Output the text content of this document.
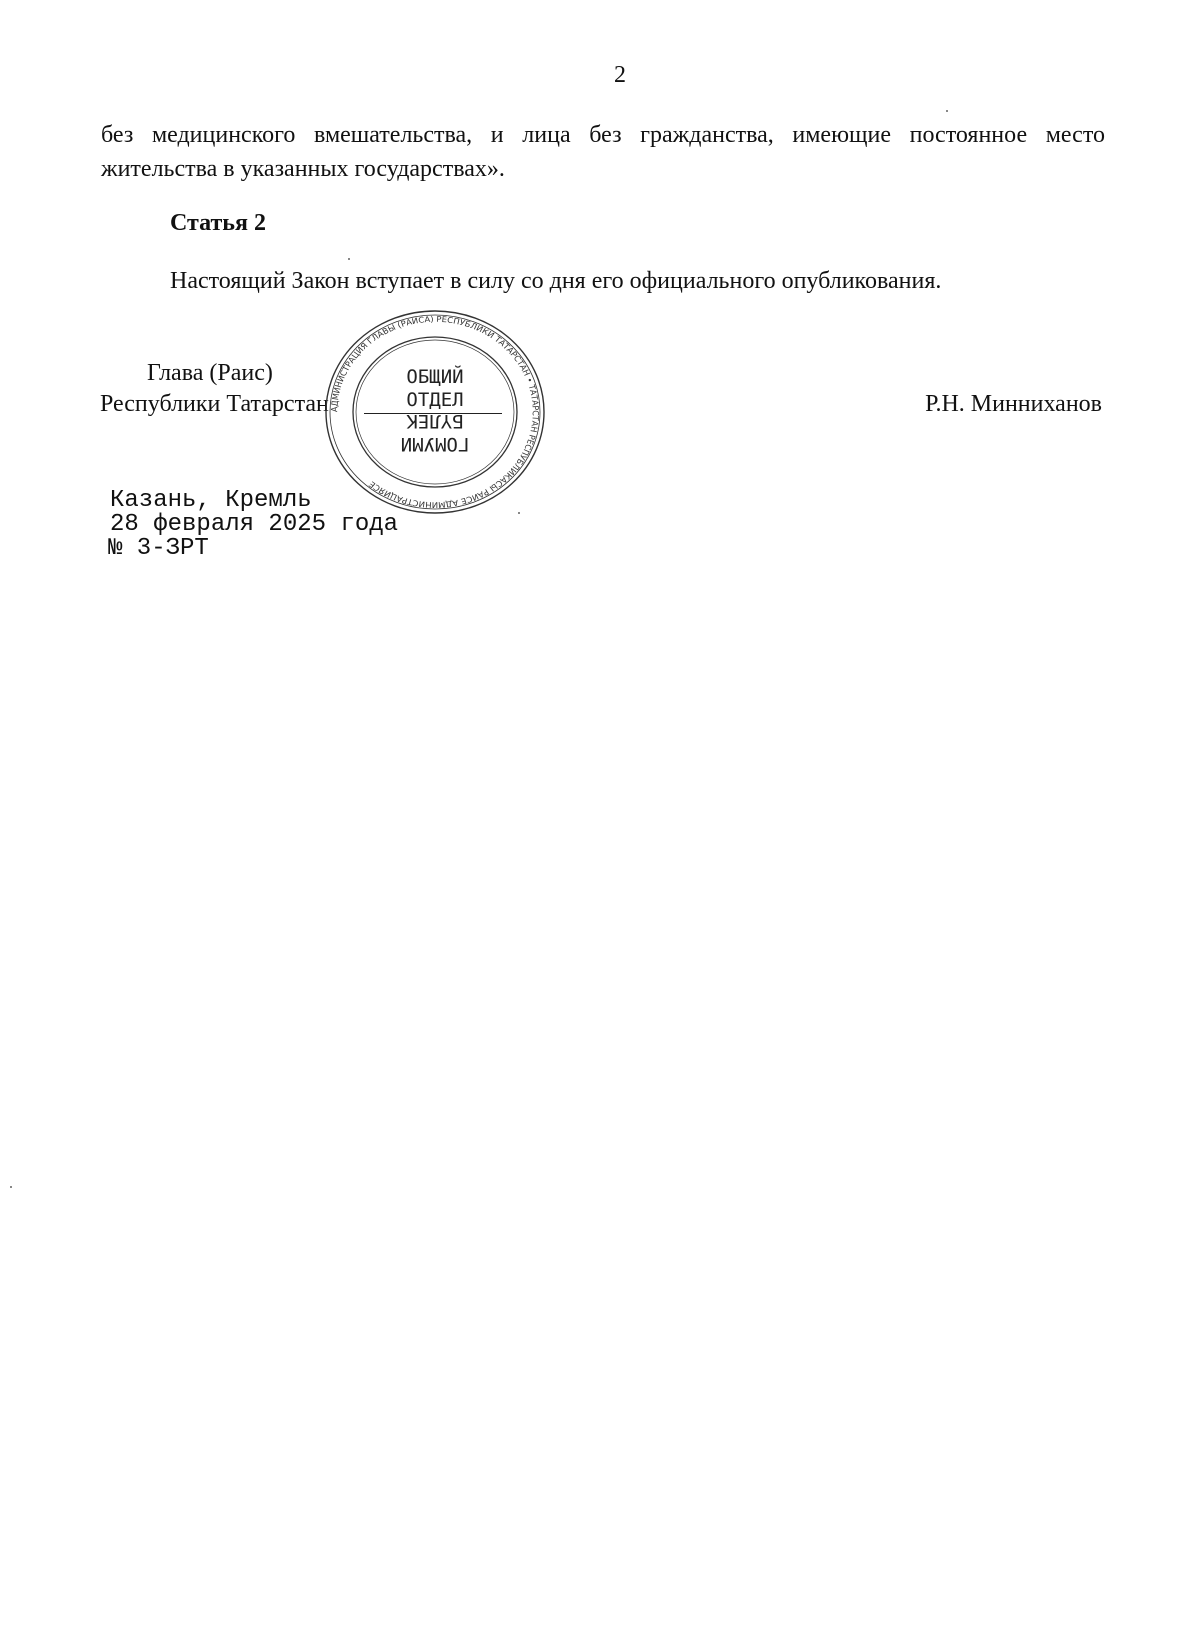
2
без медицинского вмешательства, и лица без гражданства, имеющие постоянное место жительства в указанных государствах».
Статья 2
Настоящий Закон вступает в силу со дня его официального опубликования.
Глава (Раис)
Республики Татарстан	Р.Н. Минниханов
АДМИНИСТРАЦИЯ ГЛАВЫ (РАИСА) РЕСПУБЛИКИ ТАТАРСТАН • ТАТАРСТАН РЕСПУБЛИКАСЫ РАИСЕ АДМИНИСТРАЦИЯСЕ
ОБЩИЙ
ОТДЕЛ
БҮЛЕК
ГОМУМИ
Казань, Кремль
28 февраля 2025 года
№ 3-ЗРТ
